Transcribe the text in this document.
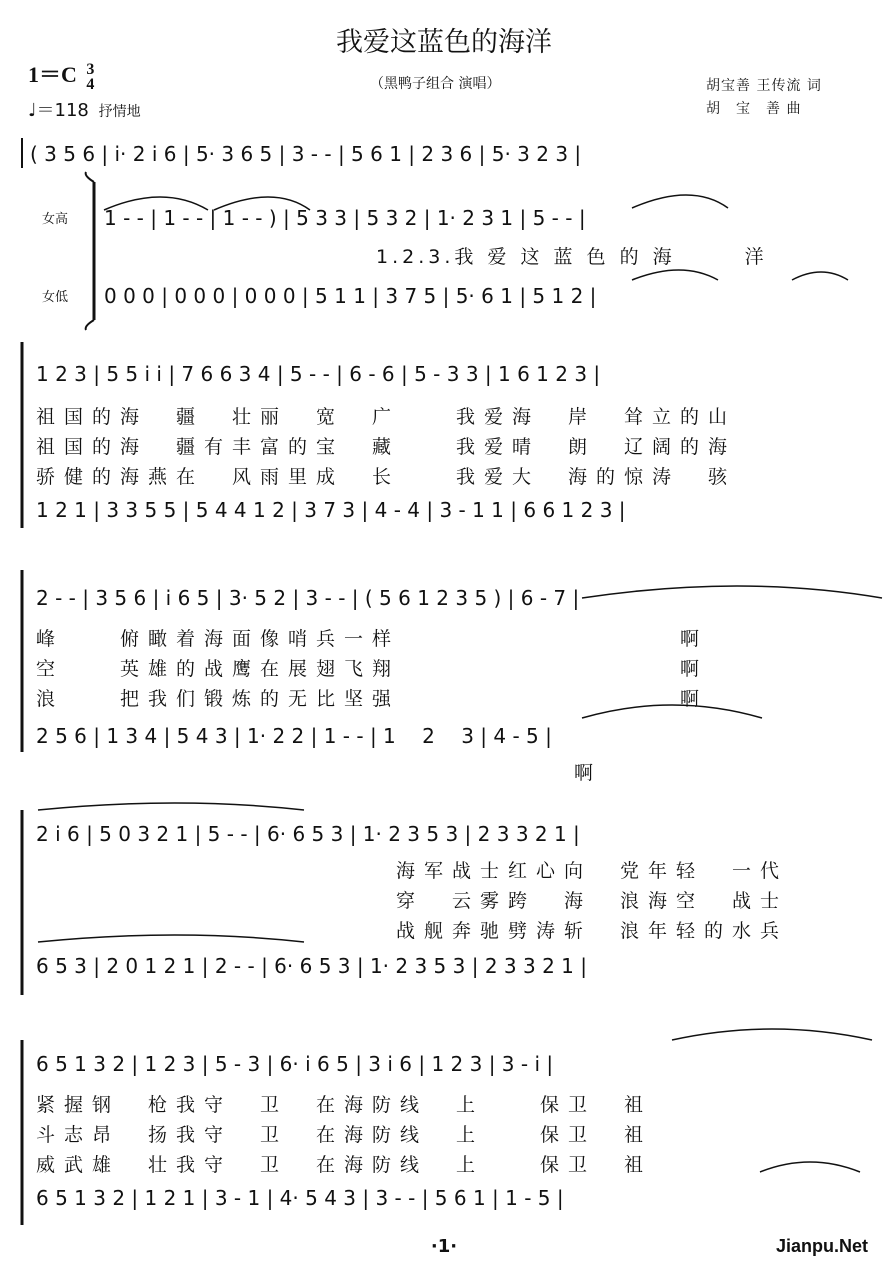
我爱这蓝色的海洋
1＝C 3
4
♩＝118 抒情地
（黑鸭子组合 演唱）	胡宝善 王传流 词
胡　宝　善 曲
( 3 5 6 | i· 2 i 6 | 5· 3 6 5 | 3 - - | 5 6 1 | 2 3 6 | 5· 3 2 3 |
女高
女低
1 - - | 1 - - | 1 - - ) | 5 3 3 | 5 3 2 | 1· 2 3 1 | 5 - - |
1.2.3.我 爱 这 蓝 色 的 海　　　洋
0 0 0 | 0 0 0 | 0 0 0 | 5 1 1 | 3 7 5 | 5· 6 1 | 5 1 2 |
1 2 3 | 5 5 i i | 7 6 6 3 4 | 5 - - | 6 - 6 | 5 - 3 3 | 1 6 1 2 3 |
祖国的海　疆　壮丽　宽　广　　我爱海　岸　耸立的山
祖国的海　疆有丰富的宝　藏　　我爱晴　朗　辽阔的海
骄健的海燕在　风雨里成　长　　我爱大　海的惊涛　骇
1 2 1 | 3 3 5 5 | 5 4 4 1 2 | 3 7 3 | 4 - 4 | 3 - 1 1 | 6 6 1 2 3 |
2 - - | 3 5 6 | i 6 5 | 3· 5 2 | 3 - - | ( 5 6 1 2 3 5 ) | 6 - 7 |
峰　　俯瞰着海面像哨兵一样　　　　　　　　　　啊
空　　英雄的战鹰在展翅飞翔　　　　　　　　　　啊
浪　　把我们锻炼的无比坚强　　　　　　　　　　啊
2 5 6 | 1 3 4 | 5 4 3 | 1· 2 2 | 1 - - | 1　 2　 3 | 4 - 5 |
啊
2 i 6 | 5 0 3 2 1 | 5 - - | 6· 6 5 3 | 1· 2 3 5 3 | 2 3 3 2 1 |
海军战士红心向　党年轻　一代
穿　云雾跨　海　浪海空　战士
战舰奔驰劈涛斩　浪年轻的水兵
6 5 3 | 2 0 1 2 1 | 2 - - | 6· 6 5 3 | 1· 2 3 5 3 | 2 3 3 2 1 |
6 5 1 3 2 | 1 2 3 | 5 - 3 | 6· i 6 5 | 3 i 6 | 1 2 3 | 3 - i |
紧握钢　枪我守　卫　在海防线　上　　保卫　祖
斗志昂　扬我守　卫　在海防线　上　　保卫　祖
威武雄　壮我守　卫　在海防线　上　　保卫　祖
6 5 1 3 2 | 1 2 1 | 3 - 1 | 4· 5 4 3 | 3 - - | 5 6 1 | 1 - 5 |
·1·	Jianpu.Net
